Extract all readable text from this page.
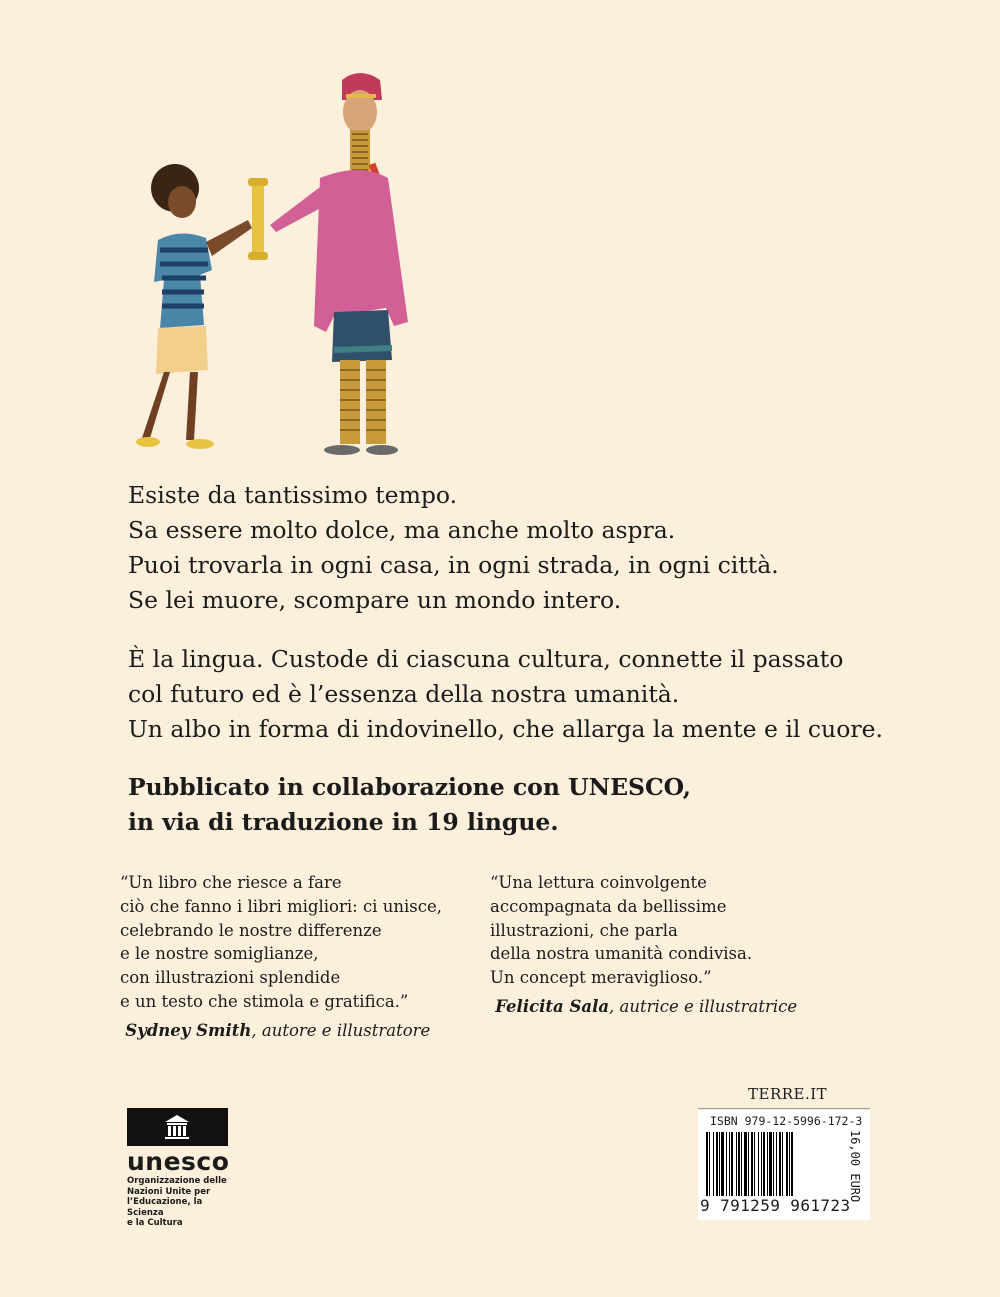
Esiste da tantissimo tempo.
Sa essere molto dolce, ma anche molto aspra.
Puoi trovarla in ogni casa, in ogni strada, in ogni città.
Se lei muore, scompare un mondo intero.
È la lingua. Custode di ciascuna cultura, connette il passato
col futuro ed è l’essenza della nostra umanità.
Un albo in forma di indovinello, che allarga la mente e il cuore.
Pubblicato in collaborazione con UNESCO,
in via di traduzione in 19 lingue.
“Un libro che riesce a fare
ciò che fanno i libri migliori: ci unisce,
celebrando le nostre differenze
e le nostre somiglianze,
con illustrazioni splendide
e un testo che stimola e gratifica.”
Sydney Smith, autore e illustratore
“Una lettura coinvolgente
accompagnata da bellissime
illustrazioni, che parla
della nostra umanità condivisa.
Un concept meraviglioso.”
Felicita Sala, autrice e illustratrice
unesco
Organizzazione delle
Nazioni Unite per
l’Educazione, la Scienza
e la Cultura
TERRE.IT
ISBN 979-12-5996-172-3
9 791259 961723
16,00 EURO
